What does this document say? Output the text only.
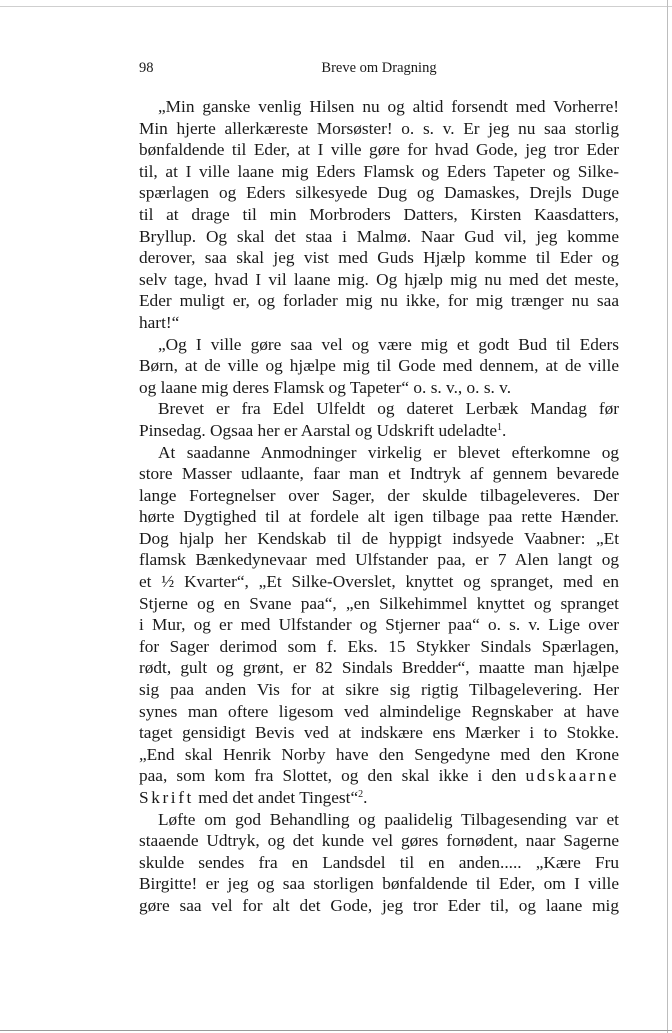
98	Breve om Dragning

„Min ganske venlig Hilsen nu og altid forsendt med Vorherre!

Min hjerte allerkæreste Morsøster! o. s. v. Er jeg nu saa storlig

bønfaldende til Eder, at I ville gøre for hvad Gode, jeg tror Eder

til, at I ville laane mig Eders Flamsk og Eders Tapeter og Silke-

spærlagen og Eders silkesyede Dug og Damaskes, Drejls Duge

til at drage til min Morbroders Datters, Kirsten Kaasdatters,

Bryllup. Og skal det staa i Malmø. Naar Gud vil, jeg komme

derover, saa skal jeg vist med Guds Hjælp komme til Eder og

selv tage, hvad I vil laane mig. Og hjælp mig nu med det meste,

Eder muligt er, og forlader mig nu ikke, for mig trænger nu saa

hart!“

„Og I ville gøre saa vel og være mig et godt Bud til Eders

Børn, at de ville og hjælpe mig til Gode med dennem, at de ville

og laane mig deres Flamsk og Tapeter“ o. s. v., o. s. v.

Brevet er fra Edel Ulfeldt og dateret Lerbæk Mandag før

Pinsedag. Ogsaa her er Aarstal og Udskrift udeladte$^1$.

At saadanne Anmodninger virkelig er blevet efterkomne og

store Masser udlaante, faar man et Indtryk af gennem bevarede

lange Fortegnelser over Sager, der skulde tilbageleveres. Der

hørte Dygtighed til at fordele alt igen tilbage paa rette Hænder.

Dog hjalp her Kendskab til de hyppigt indsyede Vaabner: „Et

flamsk Bænkedynevaar med Ulfstander paa, er 7 Alen langt og

et ½ Kvarter“, „Et Silke-Overslet, knyttet og spranget, med en

Stjerne og en Svane paa“, „en Silkehimmel knyttet og spranget

i Mur, og er med Ulfstander og Stjerner paa“ o. s. v. Lige over

for Sager derimod som f. Eks. 15 Stykker Sindals Spærlagen,

rødt, gult og grønt, er 82 Sindals Bredder“, maatte man hjælpe

sig paa anden Vis for at sikre sig rigtig Tilbagelevering. Her

synes man oftere ligesom ved almindelige Regnskaber at have

taget gensidigt Bevis ved at indskære ens Mærker i to Stokke.

„End skal Henrik Norby have den Sengedyne med den Krone

paa, som kom fra Slottet, og den skal ikke i den udskaarne

Skrift med det andet Tingest“$^2$.

Løfte om god Behandling og paalidelig Tilbagesending var et

staaende Udtryk, og det kunde vel gøres fornødent, naar Sagerne

skulde sendes fra en Landsdel til en anden..... „Kære Fru

Birgitte! er jeg og saa storligen bønfaldende til Eder, om I ville

gøre saa vel for alt det Gode, jeg tror Eder til, og laane mig
